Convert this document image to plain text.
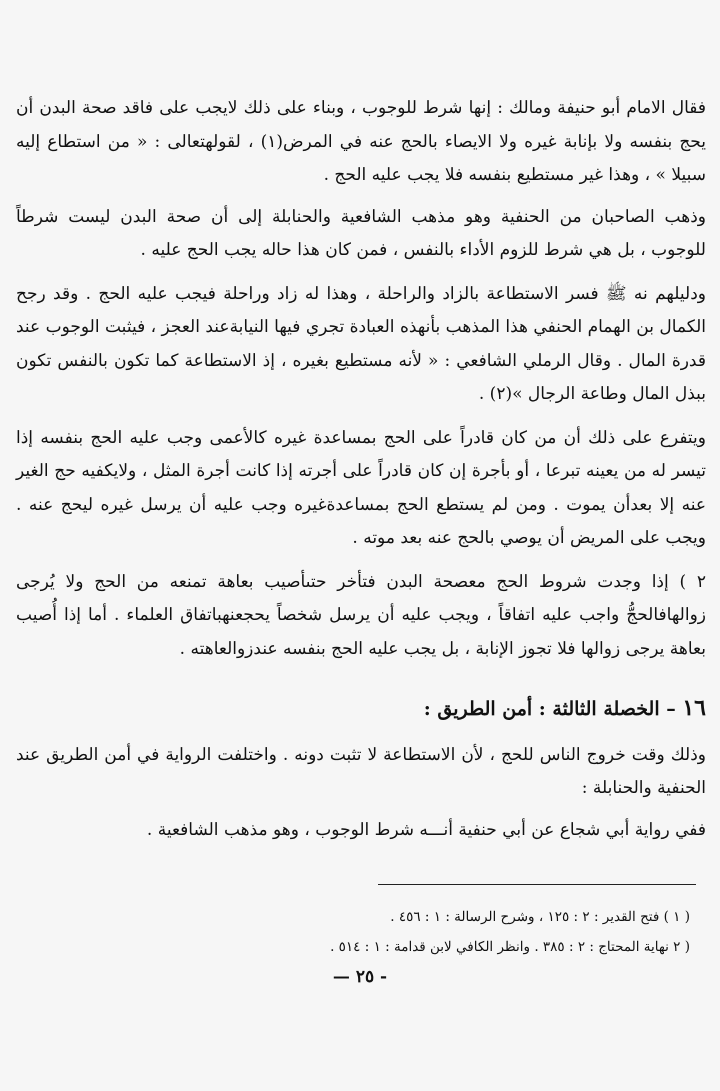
فقال الامام أبو حنيفة ومالك : إنها شرط للوجوب ، وبناء على ذلك لايجب على فاقد صحة البدن أن يحج بنفسه ولا بإنابة غيره ولا الايصاء بالحج عنه في المرض(١) ، لقولهتعالى : « من استطاع إليه سبيلا » ، وهذا غير مستطيع بنفسه فلا يجب عليه الحج .

وذهب الصاحبان من الحنفية وهو مذهب الشافعية والحنابلة إلى أن صحة البدن ليست شرطاً للوجوب ، بل هي شرط للزوم الأداء بالنفس ، فمن كان هذا حاله يجب الحج عليه .

ودليلهم نه ﷺ فسر الاستطاعة بالزاد والراحلة ، وهذا له زاد وراحلة فيجب عليه الحج . وقد رجح الكمال بن الهمام الحنفي هذا المذهب بأنهذه العبادة تجري فيها النيابةعند العجز ، فيثبت الوجوب عند قدرة المال . وقال الرملي الشافعي : « لأنه مستطيع بغيره ، إذ الاستطاعة كما تكون بالنفس تكون ببذل المال وطاعة الرجال »(٢) .

ويتفرع على ذلك أن من كان قادراً على الحج بمساعدة غيره كالأعمى وجب عليه الحج بنفسه إذا تيسر له من يعينه تبرعا ، أو بأجرة إن كان قادراً على أجرته إذا كانت أجرة المثل ، ولايكفيه حج الغير عنه إلا بعدأن يموت . ومن لم يستطع الحج بمساعدةغيره وجب عليه أن يرسل غيره ليحج عنه . ويجب على المريض أن يوصي بالحج عنه بعد موته .

٢ ) إذا وجدت شروط الحج معصحة البدن فتأخر حتىأصيب بعاهة تمنعه من الحج ولا يُرجى زوالهافالحجُّ واجب عليه اتفاقاً ، ويجب عليه أن يرسل شخصاً يحجعنهباتفاق العلماء . أما إذا أُصيب بعاهة يرجى زوالها فلا تجوز الإنابة ، بل يجب عليه الحج بنفسه عندزوالعاهته .

١٦ – الخصلة الثالثة : أمن الطريق :

وذلك وقت خروج الناس للحج ، لأن الاستطاعة لا تثبت دونه . واختلفت الرواية في أمن الطريق عند الحنفية والحنابلة :

ففي رواية أبي شجاع عن أبي حنفية أنـــه شرط الوجوب ، وهو مذهب الشافعية .

( ١ ) فتح القدير : ٢ : ١٢٥ ، وشرح الرسالة : ١ : ٤٥٦ .

( ٢ نهاية المحتاج : ٢ : ٣٨٥ . وانظر الكافي لابن قدامة : ١ : ٥١٤ .

— ٢٥ -
